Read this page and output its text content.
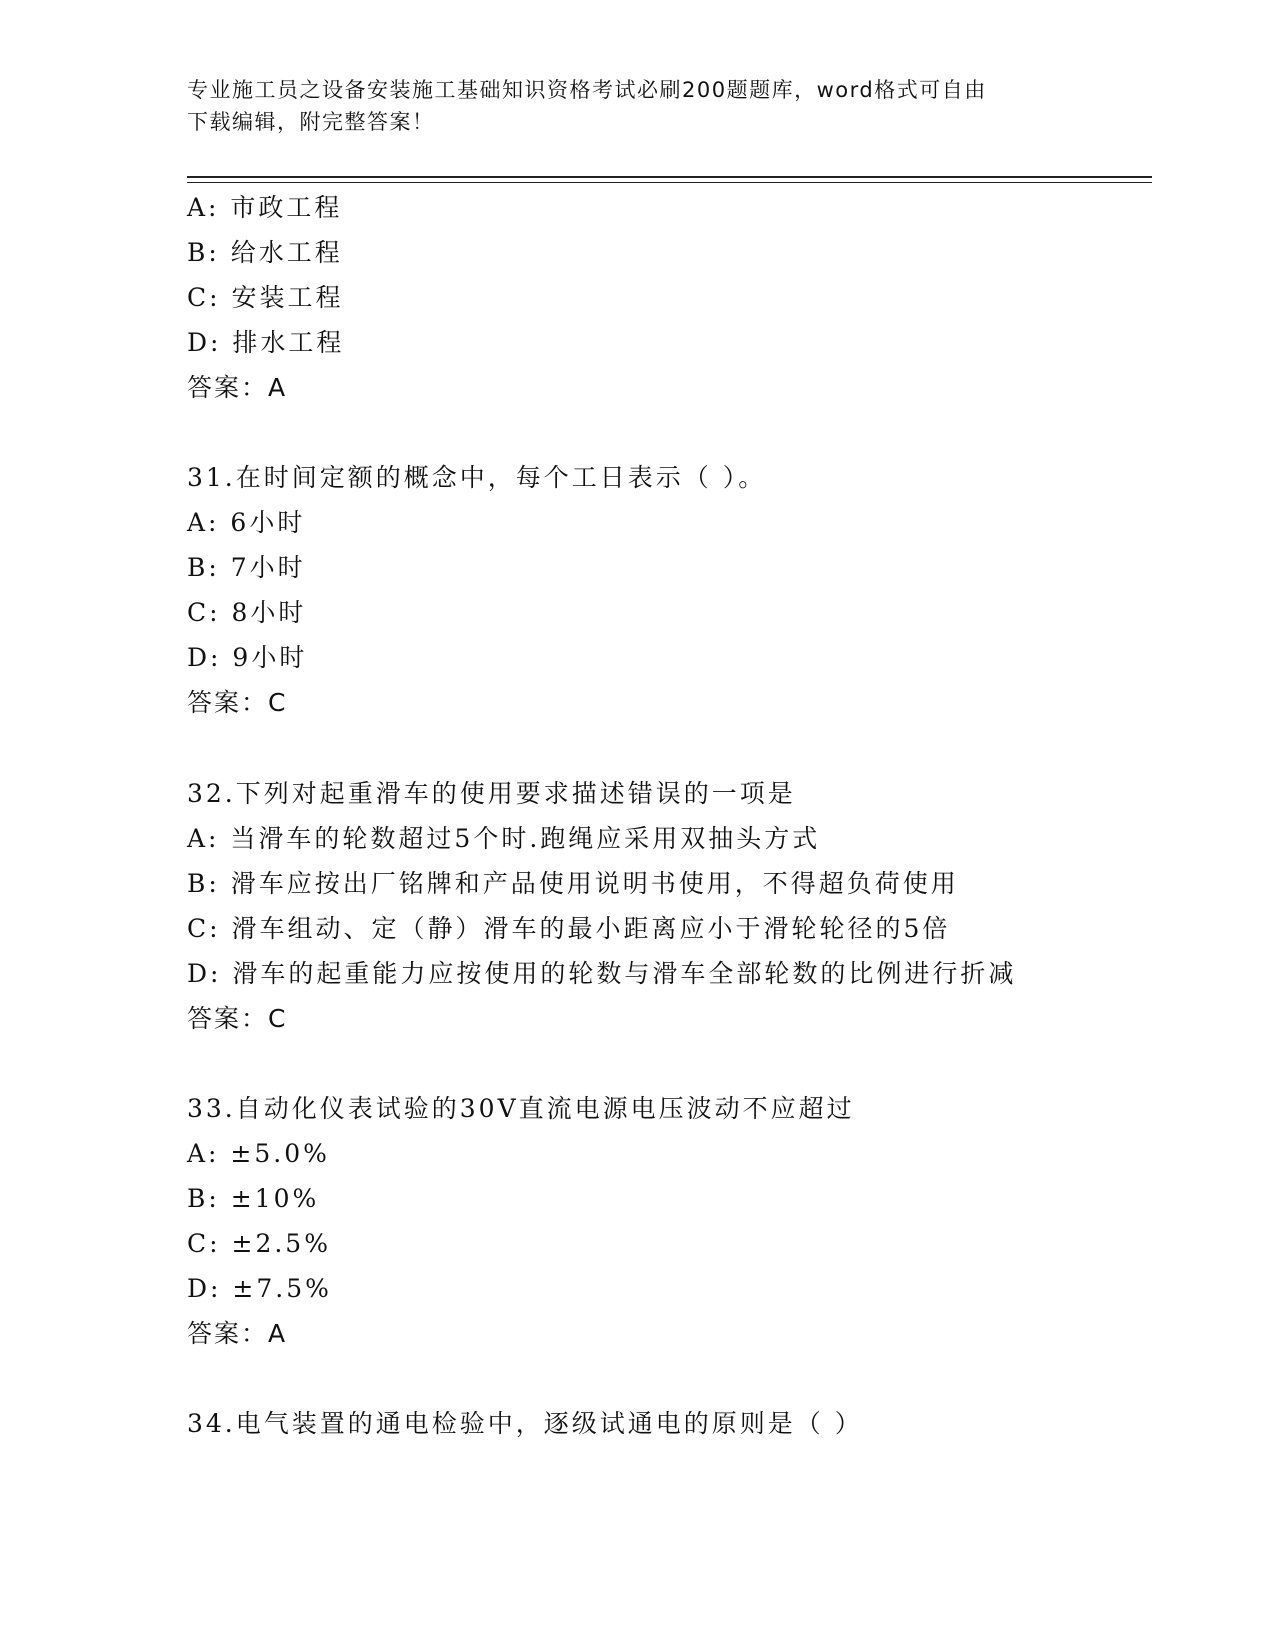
专业施工员之设备安装施工基础知识资格考试必刷200题题库，word格式可自由
下载编辑，附完整答案！
A: 市政工程
B: 给水工程
C: 安装工程
D: 排水工程
答案：A
31.在时间定额的概念中，每个工日表示（ ）。
A: 6小时
B: 7小时
C: 8小时
D: 9小时
答案：C
32.下列对起重滑车的使用要求描述错误的一项是
A: 当滑车的轮数超过5个时.跑绳应采用双抽头方式
B: 滑车应按出厂铭牌和产品使用说明书使用，不得超负荷使用
C: 滑车组动、定（静）滑车的最小距离应小于滑轮轮径的5倍
D: 滑车的起重能力应按使用的轮数与滑车全部轮数的比例进行折减
答案：C
33.自动化仪表试验的30V直流电源电压波动不应超过
A: ±5.0%
B: ±10%
C: ±2.5%
D: ±7.5%
答案：A
34.电气装置的通电检验中，逐级试通电的原则是（ ）
